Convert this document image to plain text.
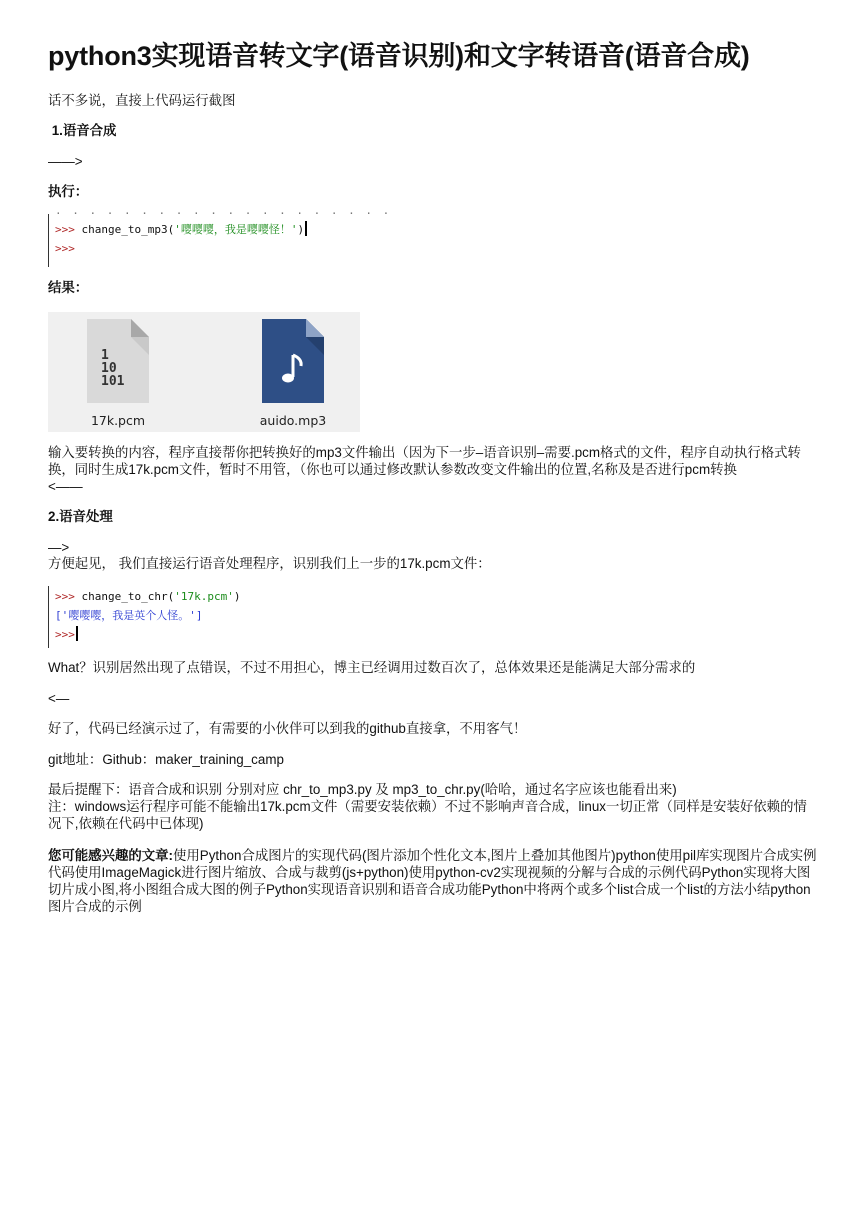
python3实现语音转文字(语音识别)和文字转语音(语音合成)

话不多说，直接上代码运行截图

1.语音合成

——>

执行：

· · · · · · · · · · · · · · · · · · · ·
>>> change_to_mp3('嘤嘤嘤，我是嘤嘤怪！')
>>>

结果：

1
10
101
17k.pcm	auido.mp3

输入要转换的内容，程序直接帮你把转换好的mp3文件输出（因为下一步–语音识别–需要.pcm格式的文件，程序自动执行格式转换，同时生成17k.pcm文件，暂时不用管，（你也可以通过修改默认参数改变文件输出的位置,名称及是否进行pcm转换

<——

2.语音处理

—>

方便起见， 我们直接运行语音处理程序，识别我们上一步的17k.pcm文件：

>>> change_to_chr('17k.pcm')
['嘤嘤嘤，我是英个人怪。']
>>>

What？识别居然出现了点错误，不过不用担心，博主已经调用过数百次了，总体效果还是能满足大部分需求的

<—

好了，代码已经演示过了，有需要的小伙伴可以到我的github直接拿，不用客气！

git地址：Github：maker_training_camp

最后提醒下：语音合成和识别 分别对应 chr_to_mp3.py 及 mp3_to_chr.py(哈哈，通过名字应该也能看出来)

注：windows运行程序可能不能输出17k.pcm文件（需要安装依赖）不过不影响声音合成，linux一切正常（同样是安装好依赖的情况下,依赖在代码中已体现)

您可能感兴趣的文章:使用Python合成图片的实现代码(图片添加个性化文本,图片上叠加其他图片)python使用pil库实现图片合成实例代码使用ImageMagick进行图片缩放、合成与裁剪(js+python)使用python-cv2实现视频的分解与合成的示例代码Python实现将大图切片成小图,将小图组合成大图的例子Python实现语音识别和语音合成功能Python中将两个或多个list合成一个list的方法小结python图片合成的示例
